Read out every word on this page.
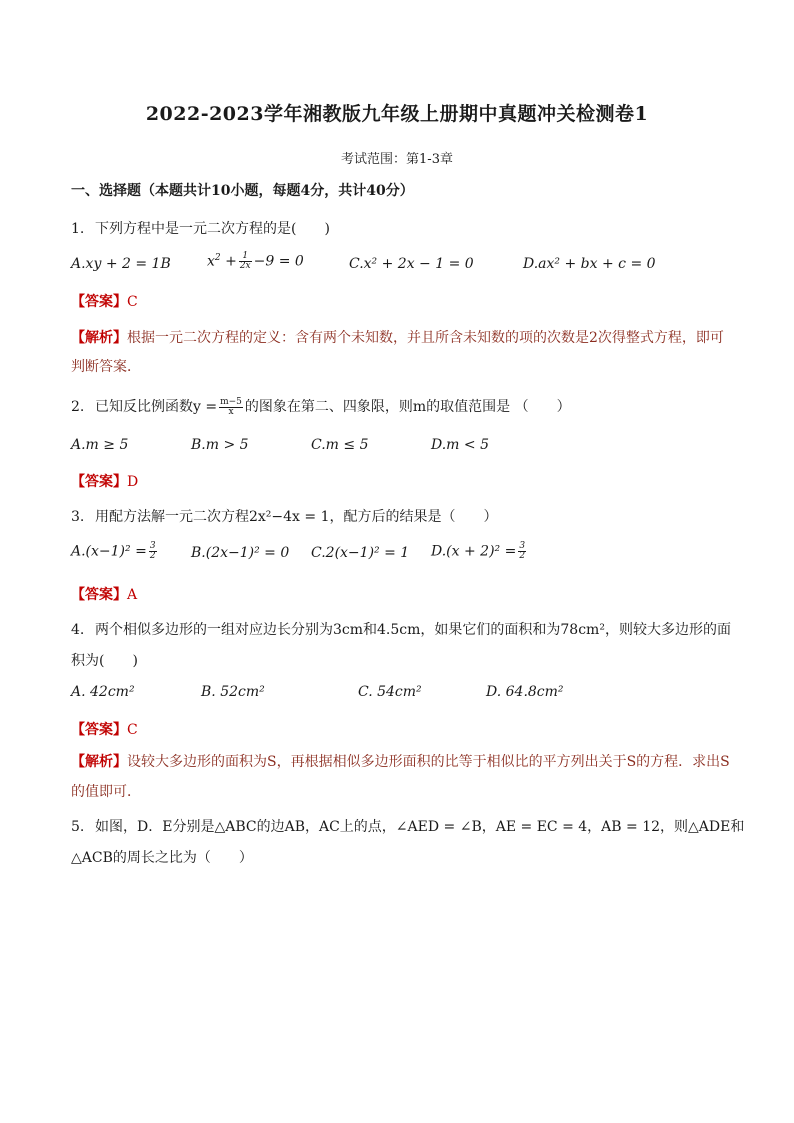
2022-2023学年湘教版九年级上册期中真题冲关检测卷1
考试范围：第1-3章
一、选择题（本题共计10小题，每题4分，共计40分）
1. 下列方程中是一元二次方程的是(　　)
A.xy + 2 = 1B	$x^2 + \frac{1}{2x} -9 = 0$	C.x² + 2x − 1 = 0	D.ax² + bx + c = 0
【答案】C
【解析】根据一元二次方程的定义：含有两个未知数，并且所含未知数的项的次数是2次得整式方程，即可
判断答案．
2. 已知反比例函数$y = \frac{m-5}{x}$ 的图象在第二、四象限，则m的取值范围是 （　　）
A.m ≥ 5	B.m > 5	C.m ≤ 5	D.m < 5
【答案】D
3. 用配方法解一元二次方程2x²−4x = 1，配方后的结果是（　　）
$A.(x-1)^2 = \frac{3}{2} B.(2x-1)^2 = 0$ C.2(x−1)² = 1 $D.(x + 2)^2 = \frac{3}{2}$
【答案】A
4. 两个相似多边形的一组对应边长分别为3cm和4.5cm，如果它们的面积和为78cm²，则较大多边形的面
积为(　　)
A. 42cm²	B. 52cm²	C. 54cm²	D. 64.8cm²
【答案】C
【解析】设较大多边形的面积为S，再根据相似多边形面积的比等于相似比的平方列出关于S的方程．求出S
的值即可．
5. 如图，D．E分别是△ABC的边AB，AC上的点，∠AED = ∠B，AE = EC = 4，AB = 12，则△ADE和
△ACB的周长之比为（　　）
